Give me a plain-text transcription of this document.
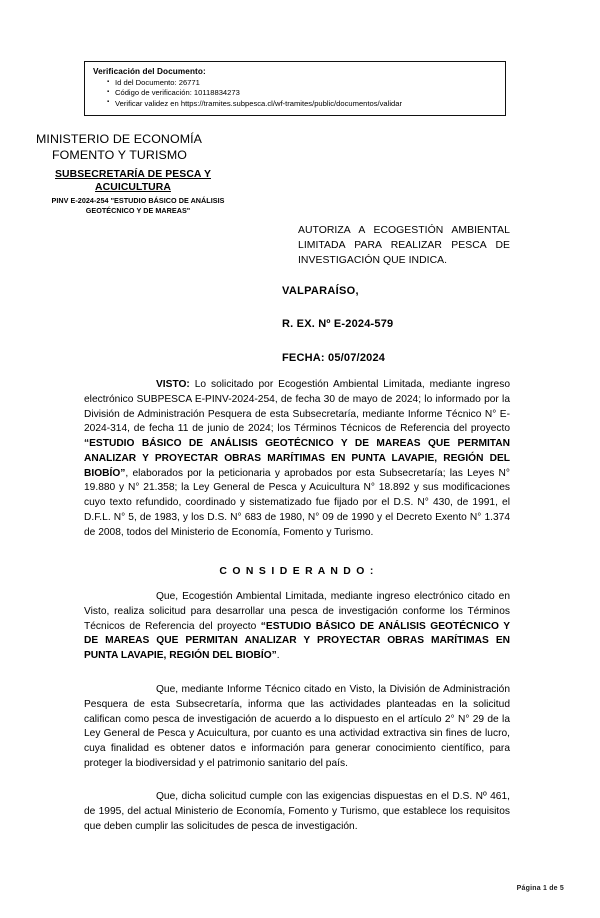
Verificación del Documento:
▪ Id del Documento: 26771
▪ Código de verificación: 10118834273
▪ Verificar validez en https://tramites.subpesca.cl/wf-tramites/public/documentos/validar
MINISTERIO DE ECONOMÍA
FOMENTO Y TURISMO
SUBSECRETARÍA DE PESCA Y ACUICULTURA
PINV E-2024-254 "ESTUDIO BÁSICO DE ANÁLISIS GEOTÉCNICO Y DE MAREAS"
AUTORIZA A ECOGESTIÓN AMBIENTAL LIMITADA PARA REALIZAR PESCA DE INVESTIGACIÓN QUE INDICA.
VALPARAÍSO,
R. EX. Nº E-2024-579
FECHA: 05/07/2024
VISTO: Lo solicitado por Ecogestión Ambiental Limitada, mediante ingreso electrónico SUBPESCA E-PINV-2024-254, de fecha 30 de mayo de 2024; lo informado por la División de Administración Pesquera de esta Subsecretaría, mediante Informe Técnico N° E-2024-314, de fecha 11 de junio de 2024; los Términos Técnicos de Referencia del proyecto “ESTUDIO BÁSICO DE ANÁLISIS GEOTÉCNICO Y DE MAREAS QUE PERMITAN ANALIZAR Y PROYECTAR OBRAS MARÍTIMAS EN PUNTA LAVAPIE, REGIÓN DEL BIOBÍO”, elaborados por la peticionaria y aprobados por esta Subsecretaría; las Leyes N° 19.880 y N° 21.358; la Ley General de Pesca y Acuicultura N° 18.892 y sus modificaciones cuyo texto refundido, coordinado y sistematizado fue fijado por el D.S. N° 430, de 1991, el D.F.L. N° 5, de 1983, y los D.S. N° 683 de 1980, N° 09 de 1990 y el Decreto Exento N° 1.374 de 2008, todos del Ministerio de Economía, Fomento y Turismo.
C O N S I D E R A N D O :
Que, Ecogestión Ambiental Limitada, mediante ingreso electrónico citado en Visto, realiza solicitud para desarrollar una pesca de investigación conforme los Términos Técnicos de Referencia del proyecto “ESTUDIO BÁSICO DE ANÁLISIS GEOTÉCNICO Y DE MAREAS QUE PERMITAN ANALIZAR Y PROYECTAR OBRAS MARÍTIMAS EN PUNTA LAVAPIE, REGIÓN DEL BIOBÍO”.
Que, mediante Informe Técnico citado en Visto, la División de Administración Pesquera de esta Subsecretaría, informa que las actividades planteadas en la solicitud califican como pesca de investigación de acuerdo a lo dispuesto en el artículo 2° N° 29 de la Ley General de Pesca y Acuicultura, por cuanto es una actividad extractiva sin fines de lucro, cuya finalidad es obtener datos e información para generar conocimiento científico, para proteger la biodiversidad y el patrimonio sanitario del país.
Que, dicha solicitud cumple con las exigencias dispuestas en el D.S. Nº 461, de 1995, del actual Ministerio de Economía, Fomento y Turismo, que establece los requisitos que deben cumplir las solicitudes de pesca de investigación.
Página 1 de 5
